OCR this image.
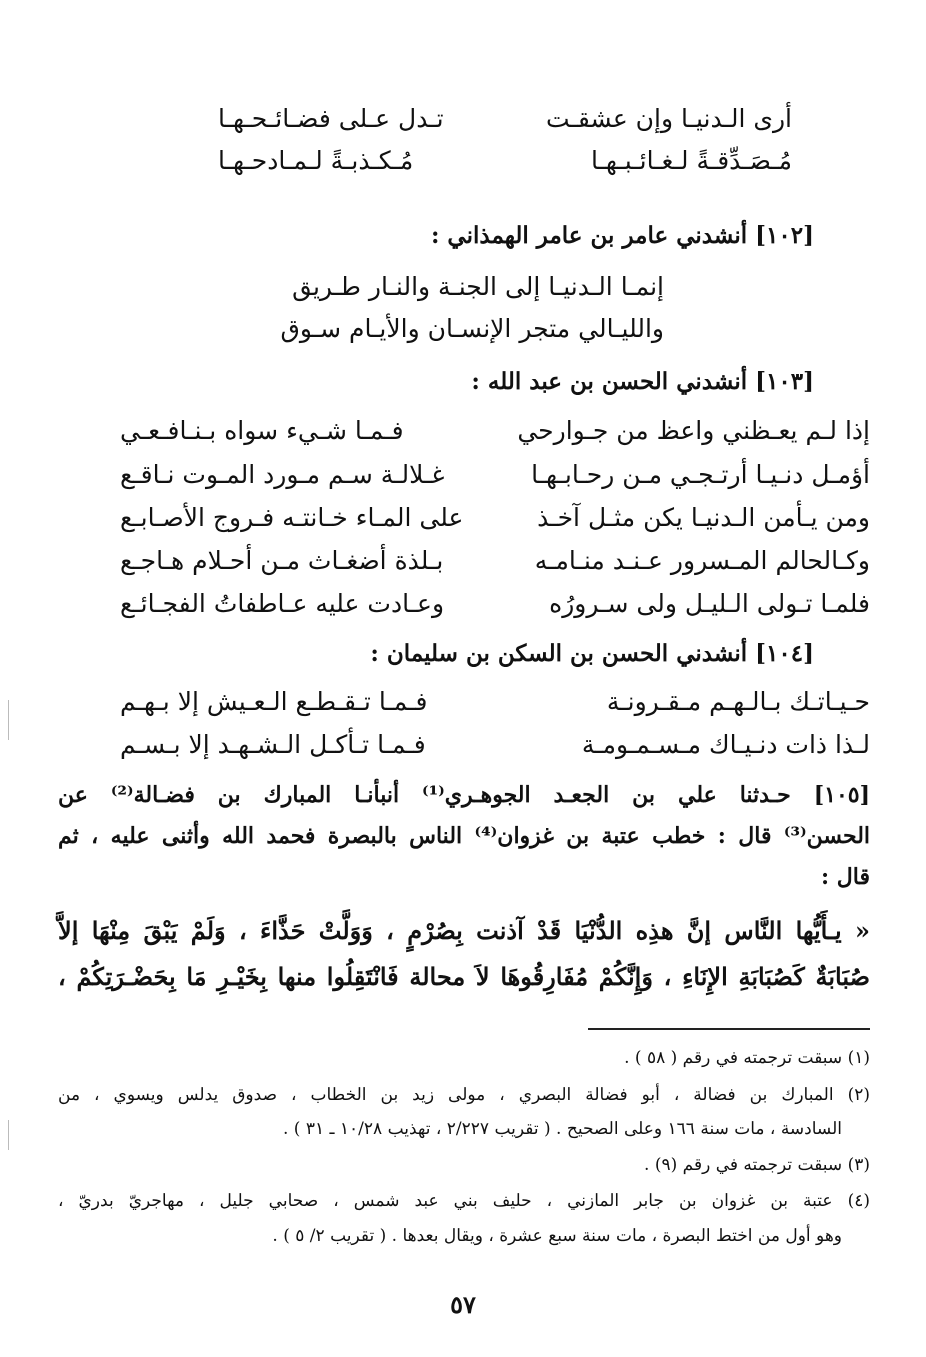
أرى الـدنيـا وإن عشقـت
تـدل عـلى فضـائـحـهـا
مُـصَـدِّقـةً لـغـائـبـهـا
مُـكـذبـةً لـمـادحـهـا
[١٠٢] أنشدني عامر بن عامر الهمذاني :
إنمـا الـدنيـا إلى الجنـة والنـار طـريق
والليـالي متجر الإنسـان والأيـام سـوق
[١٠٣] أنشدني الحسن بن عبد الله :
إذا لـم يعـظني واعظ من جـوارحي
فـمـا شـيء سواه بـنـافـعـي
أؤمـل دنـيـا أرتـجـي مـن رحـابـهـا
غـلالـة سـم مـورد المـوت نـاقـع
ومن يـأمن الـدنيـا يكن مثـل آخـذ
على المـاء خـانتـه فـروج الأصـابـع
وكـالحالم المـسرور عـنـد منـامـه
بـلذة أضغـاث مـن أحـلام هـاجـع
فلمـا تـولى الـليـل ولى سـرورُه
وعـادت عليه عـاطفاتُ الفجـائـع
[١٠٤] أنشدني الحسن بن السكن بن سليمان :
حـيـاتـك بـالـهـم مـقـرونـة
فـمـا تـقـطـع الـعـيش إلا بـهـم
لـذا ذات دنـيـاك مـسـمـومـة
فـمـا تـأكـل الـشـهـد إلا بـسـم
[١٠٥] حـدثنا علي بن الجعـد الجوهـري⁽¹⁾ أنبأنـا المبارك بن فضـالة⁽²⁾ عن
الحسن⁽³⁾ قال : خطب عتبة بن غزوان⁽⁴⁾ الناس بالبصرة فحمد الله وأثنى عليه ، ثم
قال :
« يـأَيُّها النَّاس إنَّ هذِه الدُّنْيَا قَدْ آذنت بِصُرْمٍ ، وَوَلَّتْ حَذَّاءَ ، وَلَمْ يَبْقَ مِنْهَا إلاَّ
صُبَابَةٌ كَصُبَابَةِ الإِنَاءِ ، وَإِنَّكُمْ مُفَارِقُوهَا لاَ محالة فَانْتَقِلُوا منها بِخَيْـرِ مَا بِحَضْـرَتِكُمْ ،
(١) سبقت ترجمته في رقم ( ٥٨ ) .
(٢) المبارك بن فضالة ، أبو فضالة البصري ، مولى زيد بن الخطاب ، صدوق يدلس ويسوي ، من
السادسة ، مات سنة ١٦٦ وعلى الصحيح . ( تقريب ٢/٢٢٧ ، تهذيب ١٠/٢٨ ـ ٣١ ) .
(٣) سبقت ترجمته في رقم (٩) .
(٤) عتبة بن غزوان بن جابر المازني ، حليف بني عبد شمس ، صحابي جليل ، مهاجريّ بدريّ ،
وهو أول من اختط البصرة ، مات سنة سبع عشرة ، ويقال بعدها . ( تقريب ٢/ ٥ ) .
٥٧
